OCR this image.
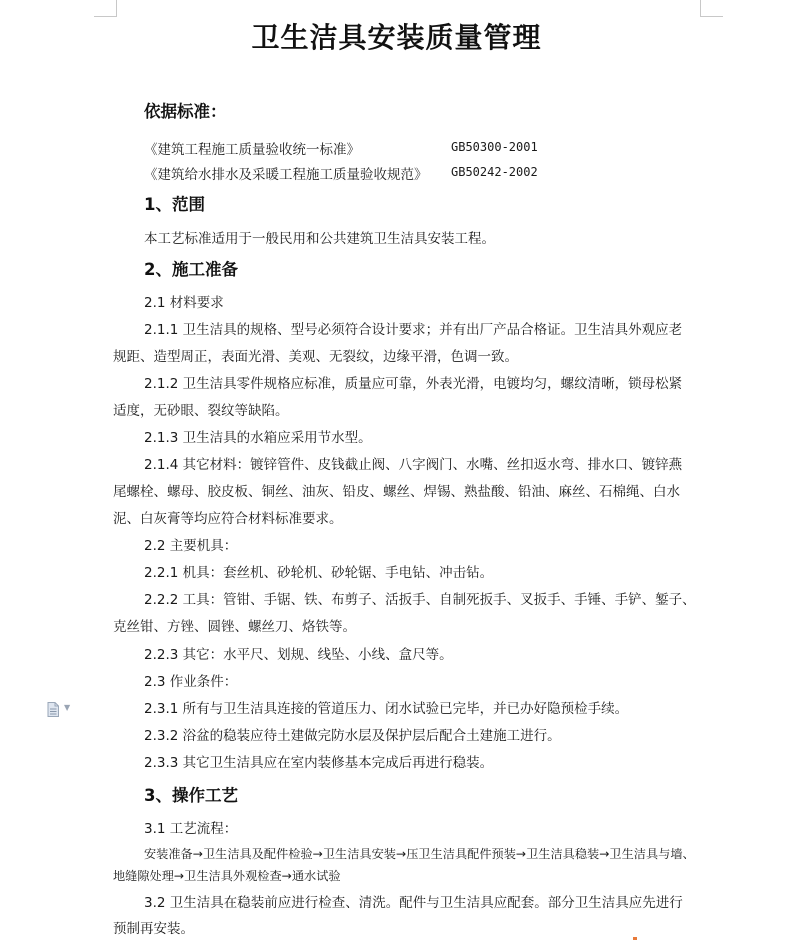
卫生洁具安装质量管理
依据标准：
《建筑工程施工质量验收统一标准》	GB50300-2001
《建筑给水排水及采暖工程施工质量验收规范》 GB50242-2002
1、范围
本工艺标准适用于一般民用和公共建筑卫生洁具安装工程。
2、施工准备
2.1 材料要求
2.1.1 卫生洁具的规格、型号必须符合设计要求；并有出厂产品合格证。卫生洁具外观应老
规距、造型周正，表面光滑、美观、无裂纹，边缘平滑，色调一致。
2.1.2 卫生洁具零件规格应标准，质量应可靠，外表光滑，电镀均匀，螺纹清晰，锁母松紧
适度，无砂眼、裂纹等缺陷。
2.1.3 卫生洁具的水箱应采用节水型。
2.1.4 其它材料：镀锌管件、皮钱截止阀、八字阀门、水嘴、丝扣返水弯、排水口、镀锌燕
尾螺栓、螺母、胶皮板、铜丝、油灰、铅皮、螺丝、焊锡、熟盐酸、铅油、麻丝、石棉绳、白水
泥、白灰膏等均应符合材料标准要求。
2.2 主要机具：
2.2.1 机具：套丝机、砂轮机、砂轮锯、手电钻、冲击钻。
2.2.2 工具：管钳、手锯、铁、布剪子、活扳手、自制死扳手、叉扳手、手锤、手铲、錾子、
克丝钳、方锉、圆锉、螺丝刀、烙铁等。
2.2.3 其它：水平尺、划规、线坠、小线、盒尺等。
2.3 作业条件：
2.3.1 所有与卫生洁具连接的管道压力、闭水试验已完毕，并已办好隐预检手续。
2.3.2 浴盆的稳装应待土建做完防水层及保护层后配合土建施工进行。
2.3.3 其它卫生洁具应在室内装修基本完成后再进行稳装。
3、操作工艺
3.1 工艺流程：
安装准备→卫生洁具及配件检验→卫生洁具安装→压卫生洁具配件预装→卫生洁具稳装→卫生洁具与墙、
地缝隙处理→卫生洁具外观检查→通水试验
3.2 卫生洁具在稳装前应进行检查、清洗。配件与卫生洁具应配套。部分卫生洁具应先进行
预制再安装。
▼
